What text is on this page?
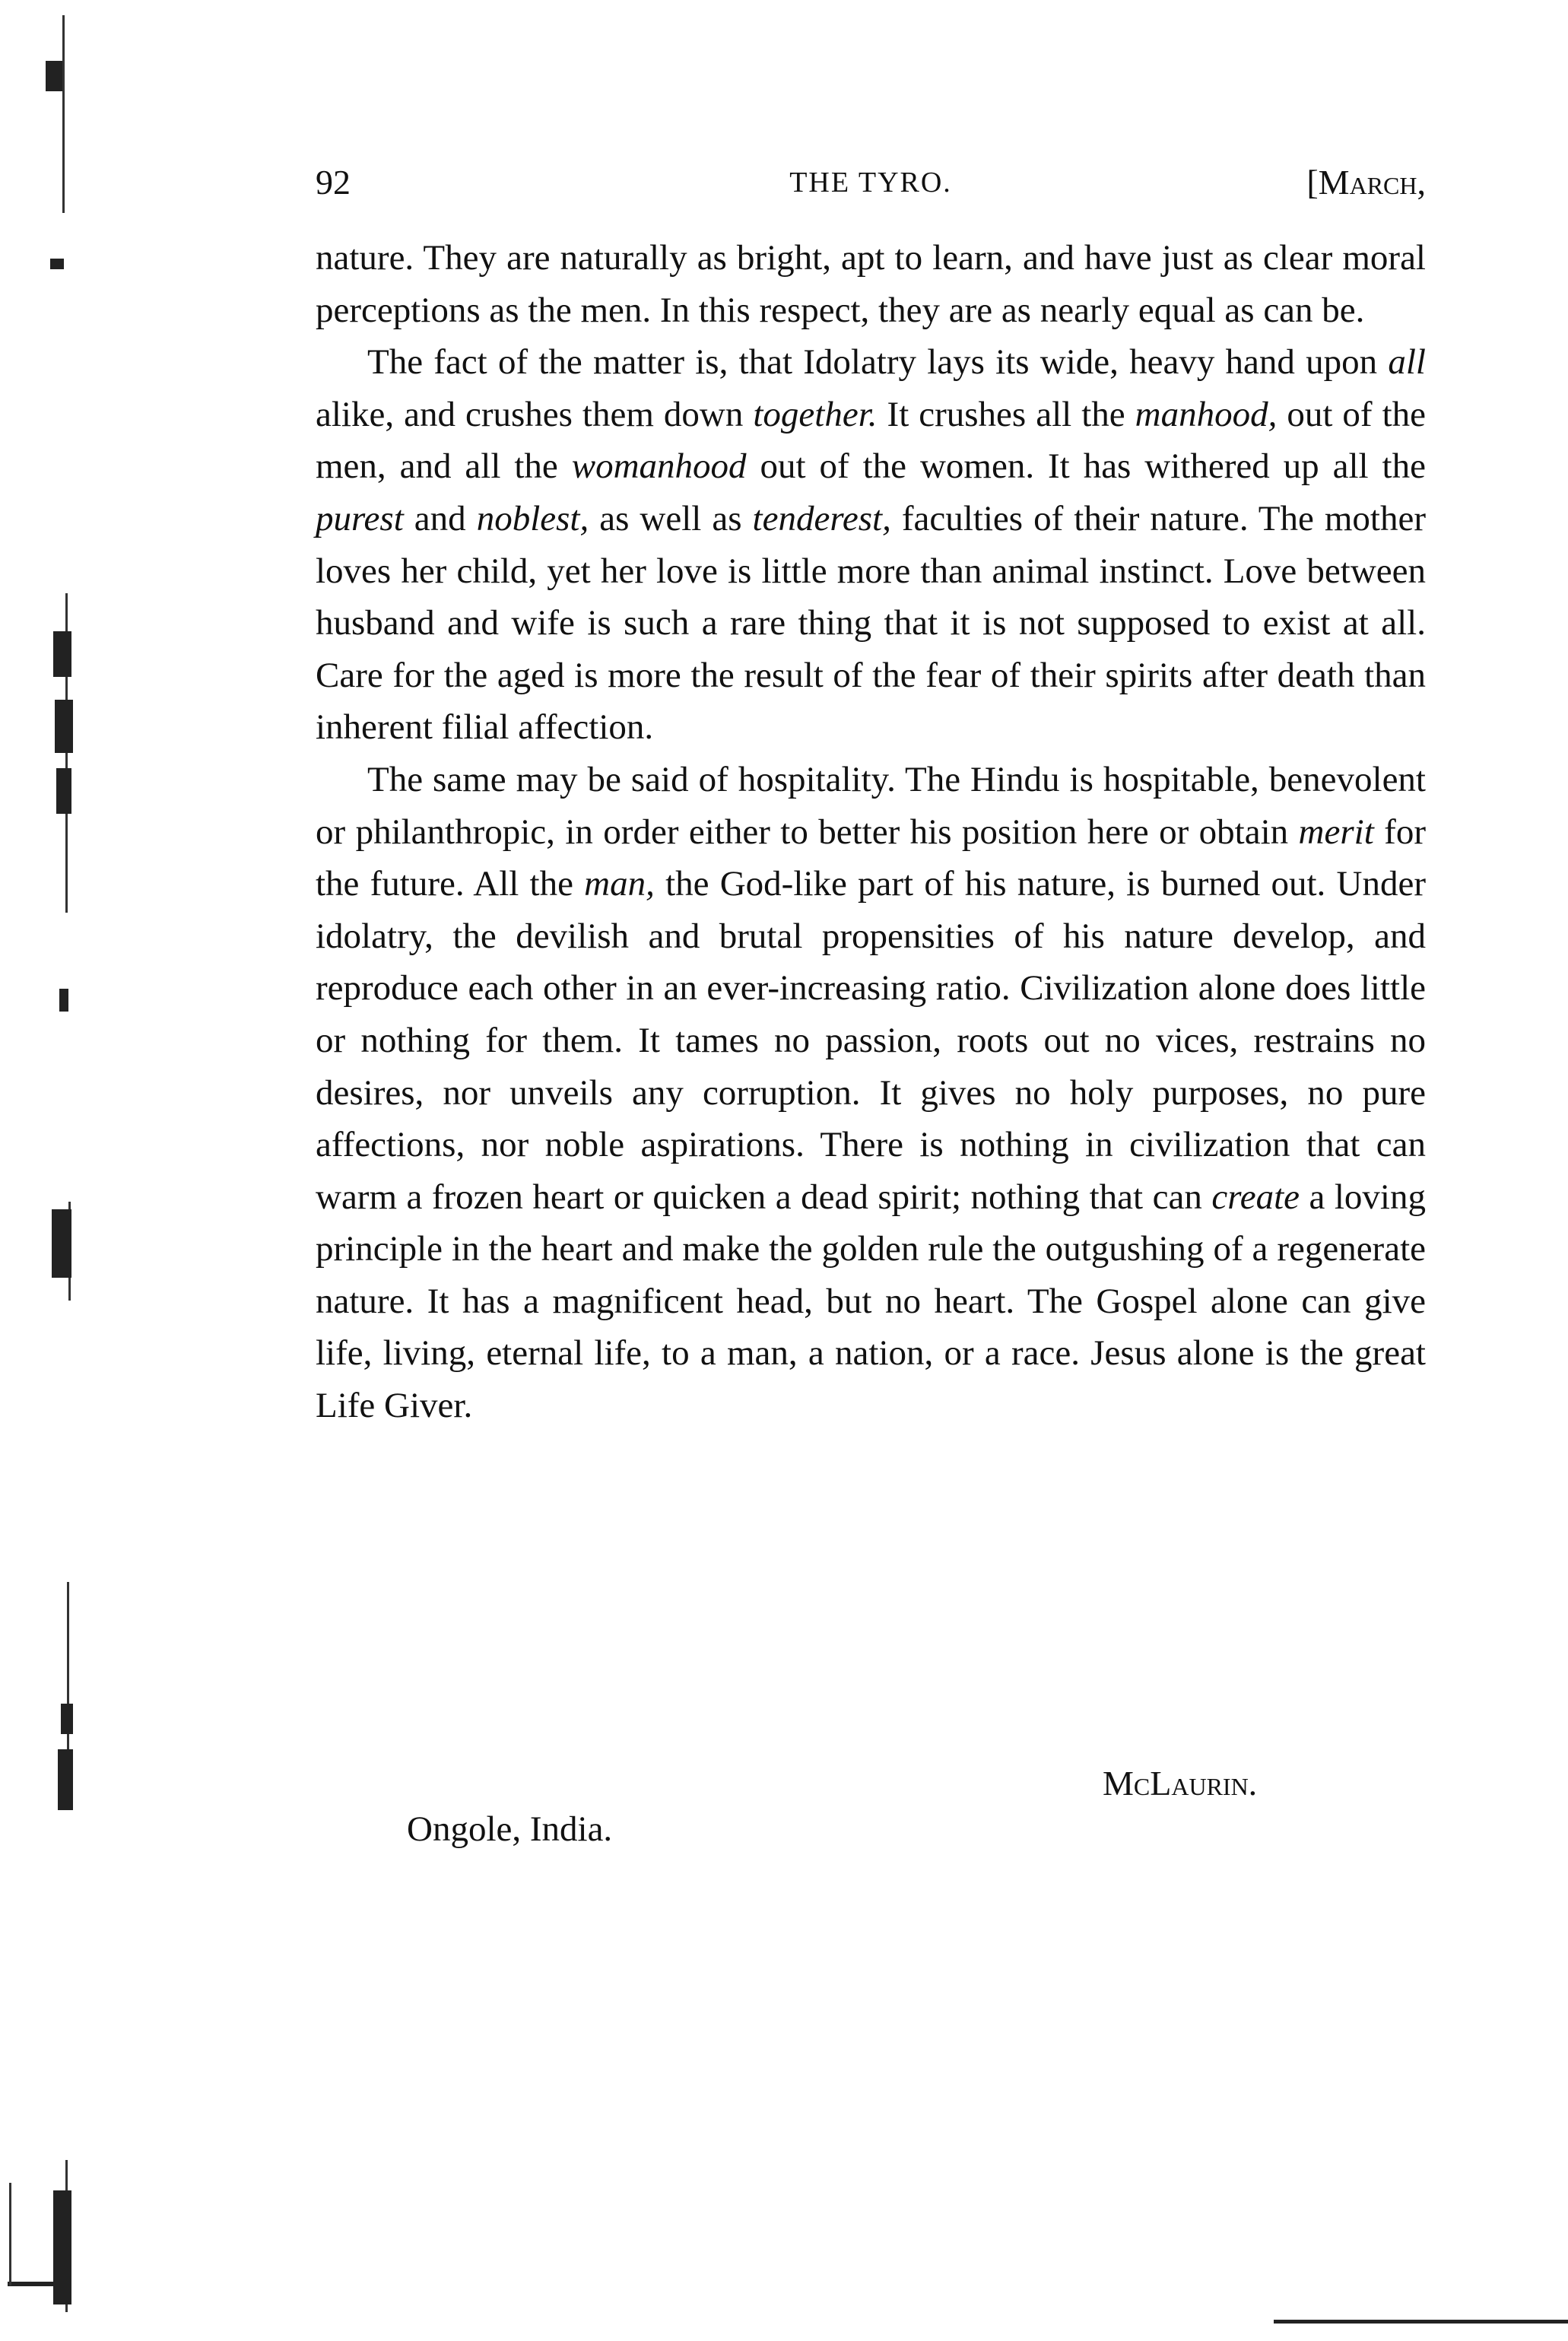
92	THE TYRO.	[March,

nature. They are naturally as bright, apt to learn, and have just as clear moral perceptions as the men. In this respect, they are as nearly equal as can be.

The fact of the matter is, that Idolatry lays its wide, heavy hand upon all alike, and crushes them down together. It crushes all the manhood, out of the men, and all the womanhood out of the women. It has withered up all the purest and noblest, as well as tenderest, faculties of their nature. The mother loves her child, yet her love is little more than animal instinct. Love between husband and wife is such a rare thing that it is not supposed to exist at all. Care for the aged is more the result of the fear of their spirits after death than inherent filial affection.

The same may be said of hospitality. The Hindu is hospitable, benevolent or philanthropic, in order either to better his position here or obtain merit for the future. All the man, the God-like part of his nature, is burned out. Under idolatry, the devilish and brutal propensities of his nature develop, and reproduce each other in an ever-increasing ratio. Civilization alone does little or nothing for them. It tames no passion, roots out no vices, restrains no desires, nor unveils any corruption. It gives no holy purposes, no pure affections, nor noble aspirations. There is nothing in civilization that can warm a frozen heart or quicken a dead spirit; nothing that can create a loving principle in the heart and make the golden rule the outgushing of a regenerate nature. It has a magnificent head, but no heart. The Gospel alone can give life, living, eternal life, to a man, a nation, or a race. Jesus alone is the great Life Giver.

McLaurin.
Ongole, India.
